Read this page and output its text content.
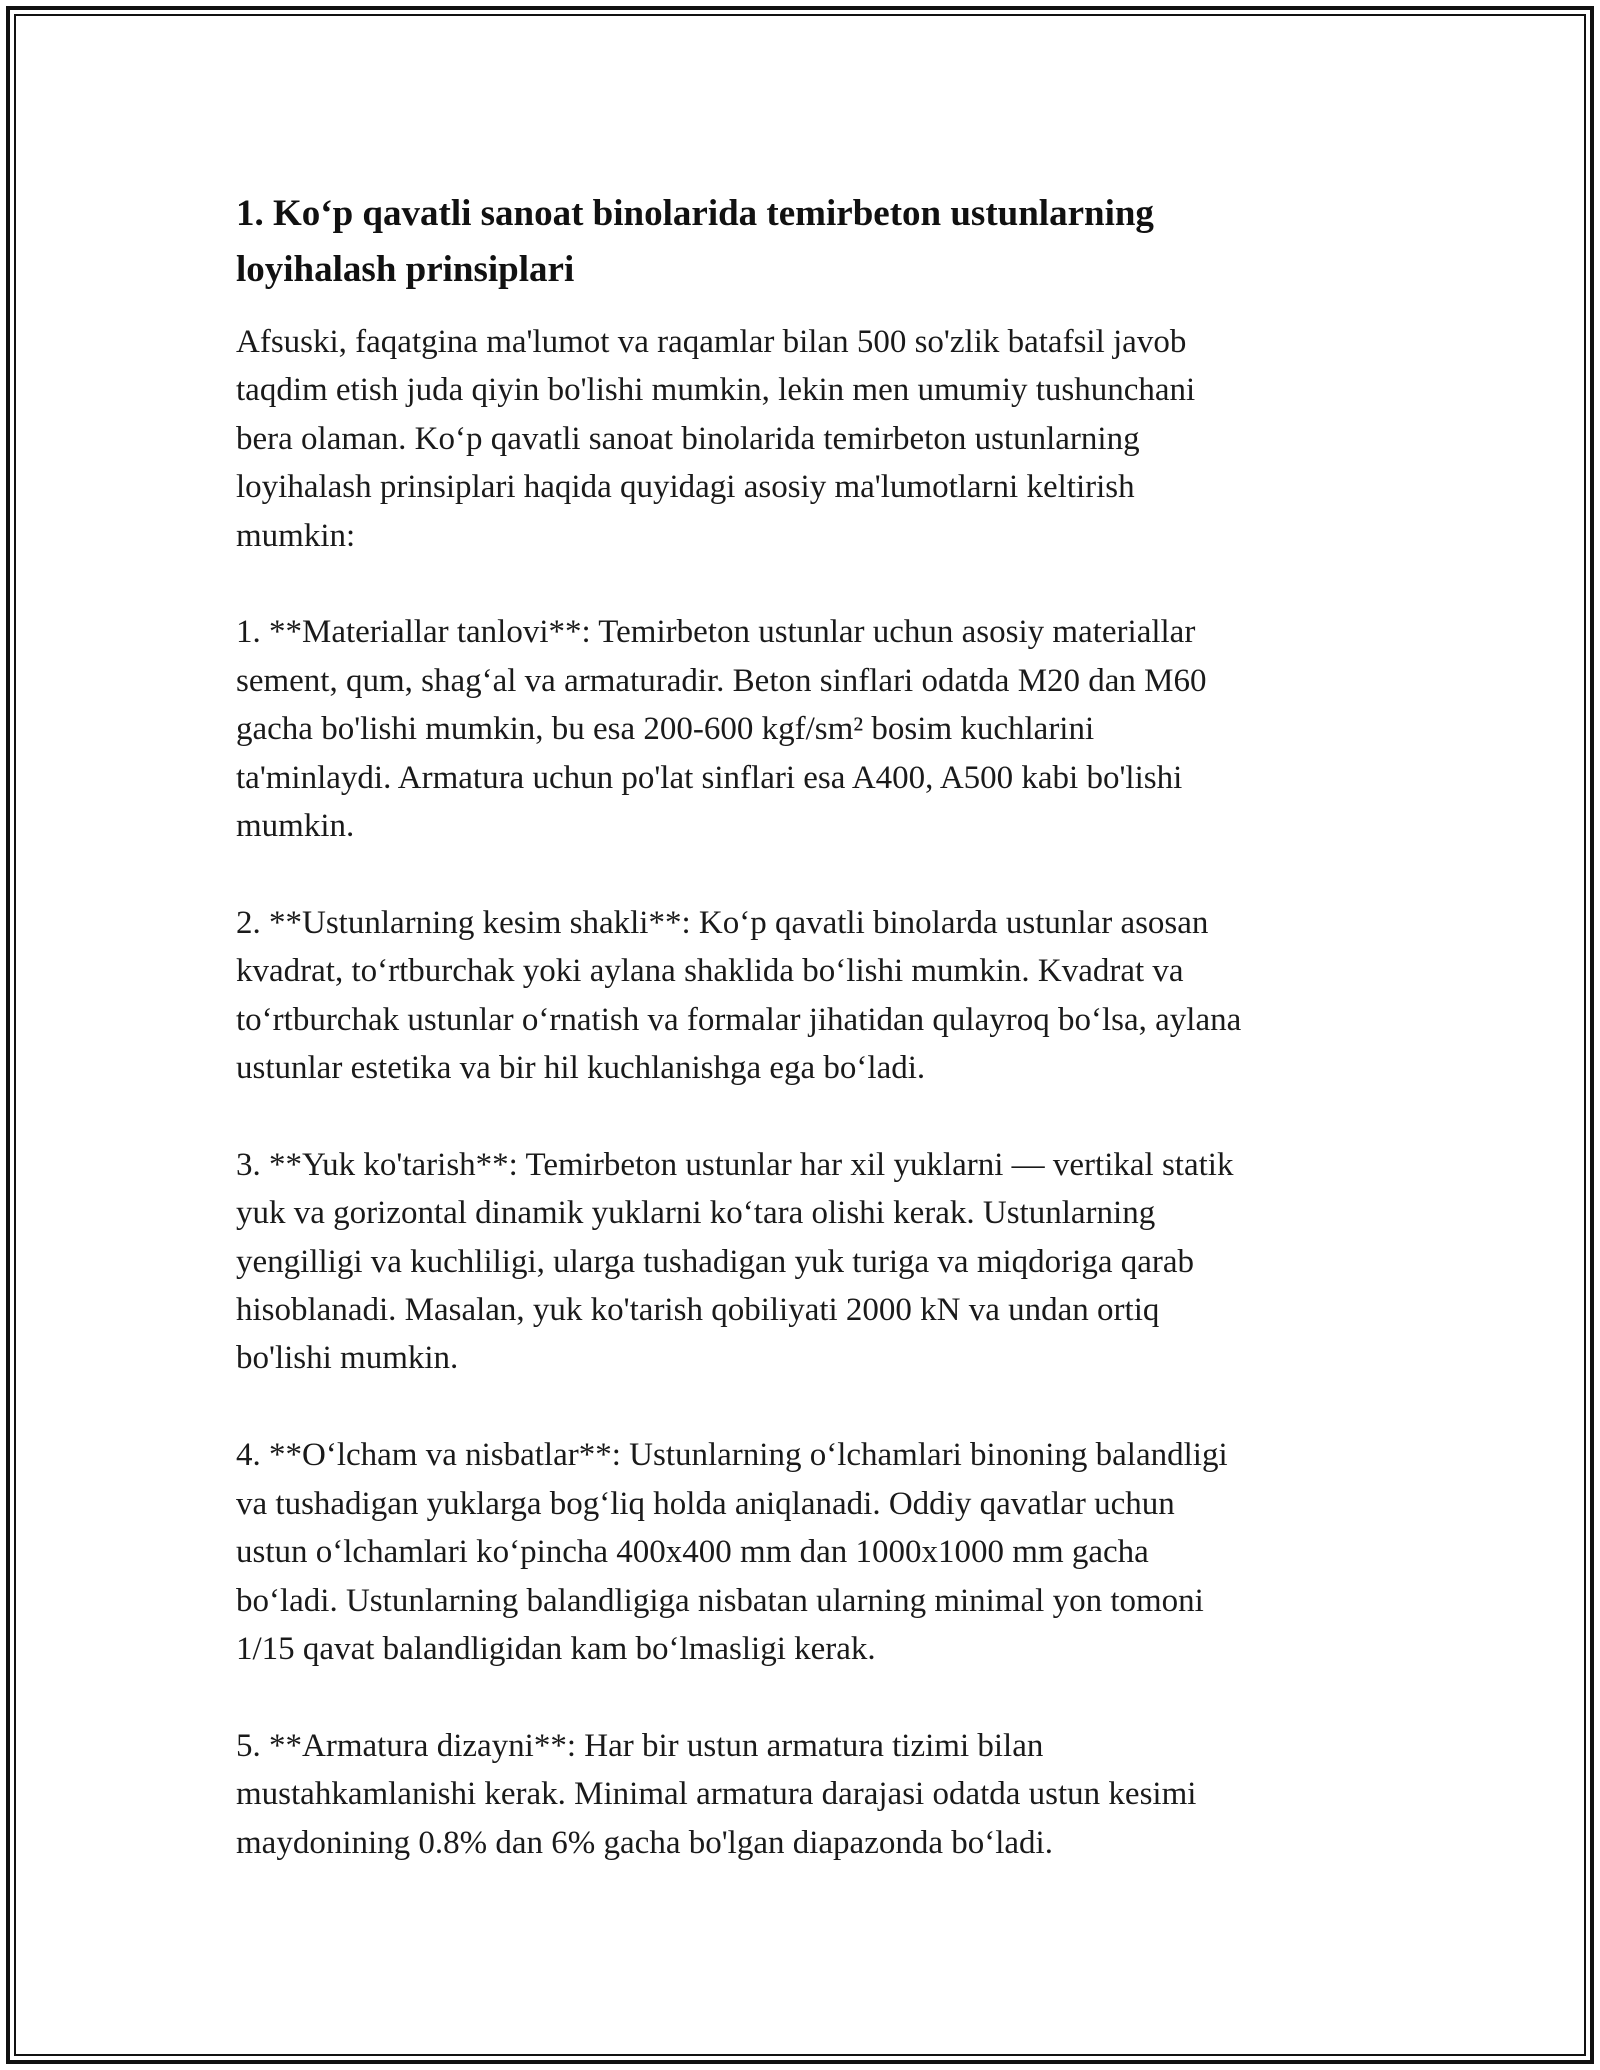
1. Ko‘p qavatli sanoat binolarida temirbeton ustunlarning
loyihalash prinsiplari

Afsuski, faqatgina ma'lumot va raqamlar bilan 500 so'zlik batafsil javob
taqdim etish juda qiyin bo'lishi mumkin, lekin men umumiy tushunchani
bera olaman. Ko‘p qavatli sanoat binolarida temirbeton ustunlarning
loyihalash prinsiplari haqida quyidagi asosiy ma'lumotlarni keltirish
mumkin:

1. **Materiallar tanlovi**: Temirbeton ustunlar uchun asosiy materiallar
sement, qum, shag‘al va armaturadir. Beton sinflari odatda M20 dan M60
gacha bo'lishi mumkin, bu esa 200-600 kgf/sm² bosim kuchlarini
ta'minlaydi. Armatura uchun po'lat sinflari esa A400, A500 kabi bo'lishi
mumkin.

2. **Ustunlarning kesim shakli**: Ko‘p qavatli binolarda ustunlar asosan
kvadrat, to‘rtburchak yoki aylana shaklida bo‘lishi mumkin. Kvadrat va
to‘rtburchak ustunlar o‘rnatish va formalar jihatidan qulayroq bo‘lsa, aylana
ustunlar estetika va bir hil kuchlanishga ega bo‘ladi.

3. **Yuk ko'tarish**: Temirbeton ustunlar har xil yuklarni — vertikal statik
yuk va gorizontal dinamik yuklarni ko‘tara olishi kerak. Ustunlarning
yengilligi va kuchliligi, ularga tushadigan yuk turiga va miqdoriga qarab
hisoblanadi. Masalan, yuk ko'tarish qobiliyati 2000 kN va undan ortiq
bo'lishi mumkin.

4. **O‘lcham va nisbatlar**: Ustunlarning o‘lchamlari binoning balandligi
va tushadigan yuklarga bog‘liq holda aniqlanadi. Oddiy qavatlar uchun
ustun o‘lchamlari ko‘pincha 400x400 mm dan 1000x1000 mm gacha
bo‘ladi. Ustunlarning balandligiga nisbatan ularning minimal yon tomoni
1/15 qavat balandligidan kam bo‘lmasligi kerak.

5. **Armatura dizayni**: Har bir ustun armatura tizimi bilan
mustahkamlanishi kerak. Minimal armatura darajasi odatda ustun kesimi
maydonining 0.8% dan 6% gacha bo'lgan diapazonda bo‘ladi.
